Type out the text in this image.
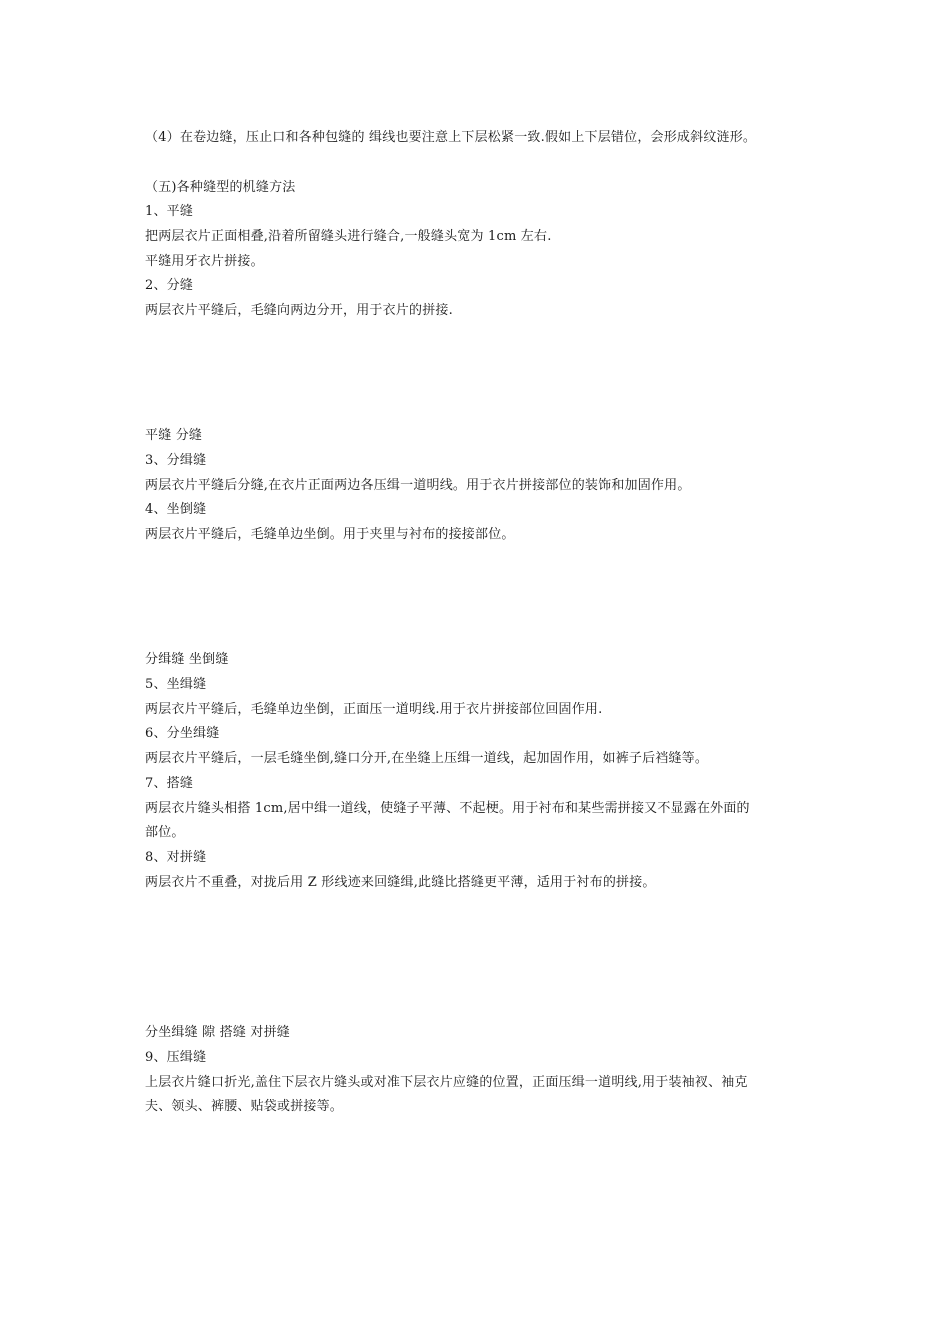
（4）在卷边缝，压止口和各种包缝的 缉线也要注意上下层松紧一致.假如上下层错位，会形成斜纹涟形。
（五)各种缝型的机缝方法
1、平缝
把两层衣片正面相叠,沿着所留缝头进行缝合,一般缝头宽为 1cm 左右.
平缝用牙衣片拼接。
2、分缝
两层衣片平缝后，毛缝向两边分开，用于衣片的拼接.
平缝 分缝
3、分缉缝
两层衣片平缝后分缝,在衣片正面两边各压缉一道明线。用于衣片拼接部位的装饰和加固作用。
4、坐倒缝
两层衣片平缝后，毛缝单边坐倒。用于夹里与衬布的接接部位。
分缉缝 坐倒缝
5、坐缉缝
两层衣片平缝后，毛缝单边坐倒，正面压一道明线.用于衣片拼接部位回固作用.
6、分坐缉缝
两层衣片平缝后，一层毛缝坐倒,缝口分开,在坐缝上压缉一道线，起加固作用，如裤子后裆缝等。
7、搭缝
两层衣片缝头相搭 1cm,居中缉一道线，使缝子平薄、不起梗。用于衬布和某些需拼接又不显露在外面的
部位。
8、对拼缝
两层衣片不重叠，对拢后用 Z 形线迹来回缝缉,此缝比搭缝更平薄，适用于衬布的拼接。
分坐缉缝 隙 搭缝 对拼缝
9、压缉缝
上层衣片缝口折光,盖住下层衣片缝头或对准下层衣片应缝的位置，正面压缉一道明线,用于装袖衩、袖克
夫、领头、裤腰、贴袋或拼接等。
